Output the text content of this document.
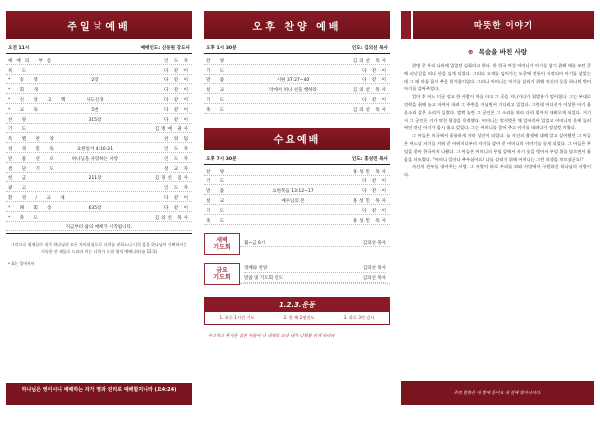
주 일 낮 예 배
오전 11시	예배인도: 신동원 강도사
예배의 부름	인 도 자
묵 도	다 같 이
* 송 영	2장	다 같 이
* 회 개	다 같 이
* 신 앙 고 백	사도신경	다 같 이
* 교 독	5번	다 같 이
찬 양	315장	다 같 이
기 도	김병예 권사
특 별 찬 양	찬 양 팀
성 경 봉 독	요한일서 4:16-21	인 도 자
말 씀 선 포	하나님을 사랑하는 사랑	인 도 자
결 단 기 도	설 교 자
헌 금	211장	김경선 집사
광 고	인 도 자
환 영 / 교 제	다 같 이
* 폐 회 송	635장	다 같 이
* 축 도	김의선 목사
지금부터 삶의 예배가 시작됩니다.
그러므로 형제들아 내가 하나님의 모든 자비하심으로 너희를 권하노니 너희 몸을 하나님이 기뻐하시는 거룩한 산 제물로 드리라 이는 너희가 드릴 영적 예배니라(롬 12:1)
* 표는 일어서서
하나님은 영이시니 예배하는 자가 영과 진리로 예배할지니라 (요4:24)
오후 찬양 예배
오후 1시 30분	인도: 김의선 목사
찬 양	김의선 목사
기 도	다 같 이
말 씀	시편 37:27~40	다 같 이
설 교	악에서 떠나 선을 행하라	김의선 목사
기 도	다 같 이
축 도	김의선 목사
수요예배
오후 7시 30분	인도: 홍성민 목사
찬 양	홍성민 목사
기 도	다 같 이
말 씀	요한복음 13:12~17	다 같 이
설 교	예수님의 본	홍성민 목사
기 도	다 같 이
축 도	홍성민 목사
새벽
기도회	월~금 6시	김의선 목사
금요
기도회
경배와 찬양	김의선 목사
말씀 및 기도회 인도	김의선 목사
1.2.3.운동
1. 하루 1시간 기도	2. 한 해 2명전도	3. 하루 3번 감사
수고하고 무거운 짐진 자들아 다 내게로 오라 내가 너희를 쉬게 하리라
따뜻한 이야기
⊕ 목숨을 바친 사랑

현명 중 우리 나라에 있었던 실화라고 한다. 한 한국 여성 어머니가 아기를 낳기 위해 애를 쓰던 중에 피난길을 떠나 산을 넘게 되었다. 그러다 고개를 넘어가는 도중에 진통이 시작되어 아기를 낳았는데 그 때 마침 몹시 추운 한겨울이었다. 그러나 어머니는 아기를 살리기 위해 자신의 옷을 하나씩 벗어 아기를 감싸주었다.

얼마 후 어느 미군 장교 한 사람이 차를 타고 그 곳을 지나가다가 휘발유가 떨어졌다. 그는 부대로 연락을 취해 놓고 자여서 내려 그 주변을 거닐면서 기다리고 있었다. 그런데 어디선가 이상한 아기 울음소리 같은 소리가 들렸다. 깜짝 놀란 그 군인은 그 소리를 따라 다리 밑까지 내려오게 되었다. 거기서 그 군인은 기가 막힌 광경을 목격했다. 어머니는 벌거벗은 채 얼어죽어 있었고 어머니의 옷에 둘러싸인 갓난 아기가 몹시 울고 있었다. 그는 어머니를 묻어 주고 아기를 데려다가 정성껏 키웠다.

그 아들은 미국에서 훌륭하게 자라 성인이 되었다. 늘 자신의 출생에 대해 알고 싶어했던 그 아들은 어느날 자기를 키워 준 아버지로부터 자기를 낳아 준 어머니의 이야기를 듣게 되었다. 그 아들은 무덤을 찾아 한국까지 나왔다. 그 아들은 어머니의 무덤 앞에서 자기 옷을 벗어서 무덤 위를 덮으면서 울음을 터뜨렸다. "어머니 얼마나 추우셨어요! 나를 살리기 위해 어머니는 그런 희생을 치르셨군요!"

자신의 전부를 내어주는 사랑. 그 사랑이 바로 우리를 죄와 사망에서 구원하신 하나님의 사랑이다.

주의 말씀은 내 발에 등이요 내 길에 빛이니이다.
